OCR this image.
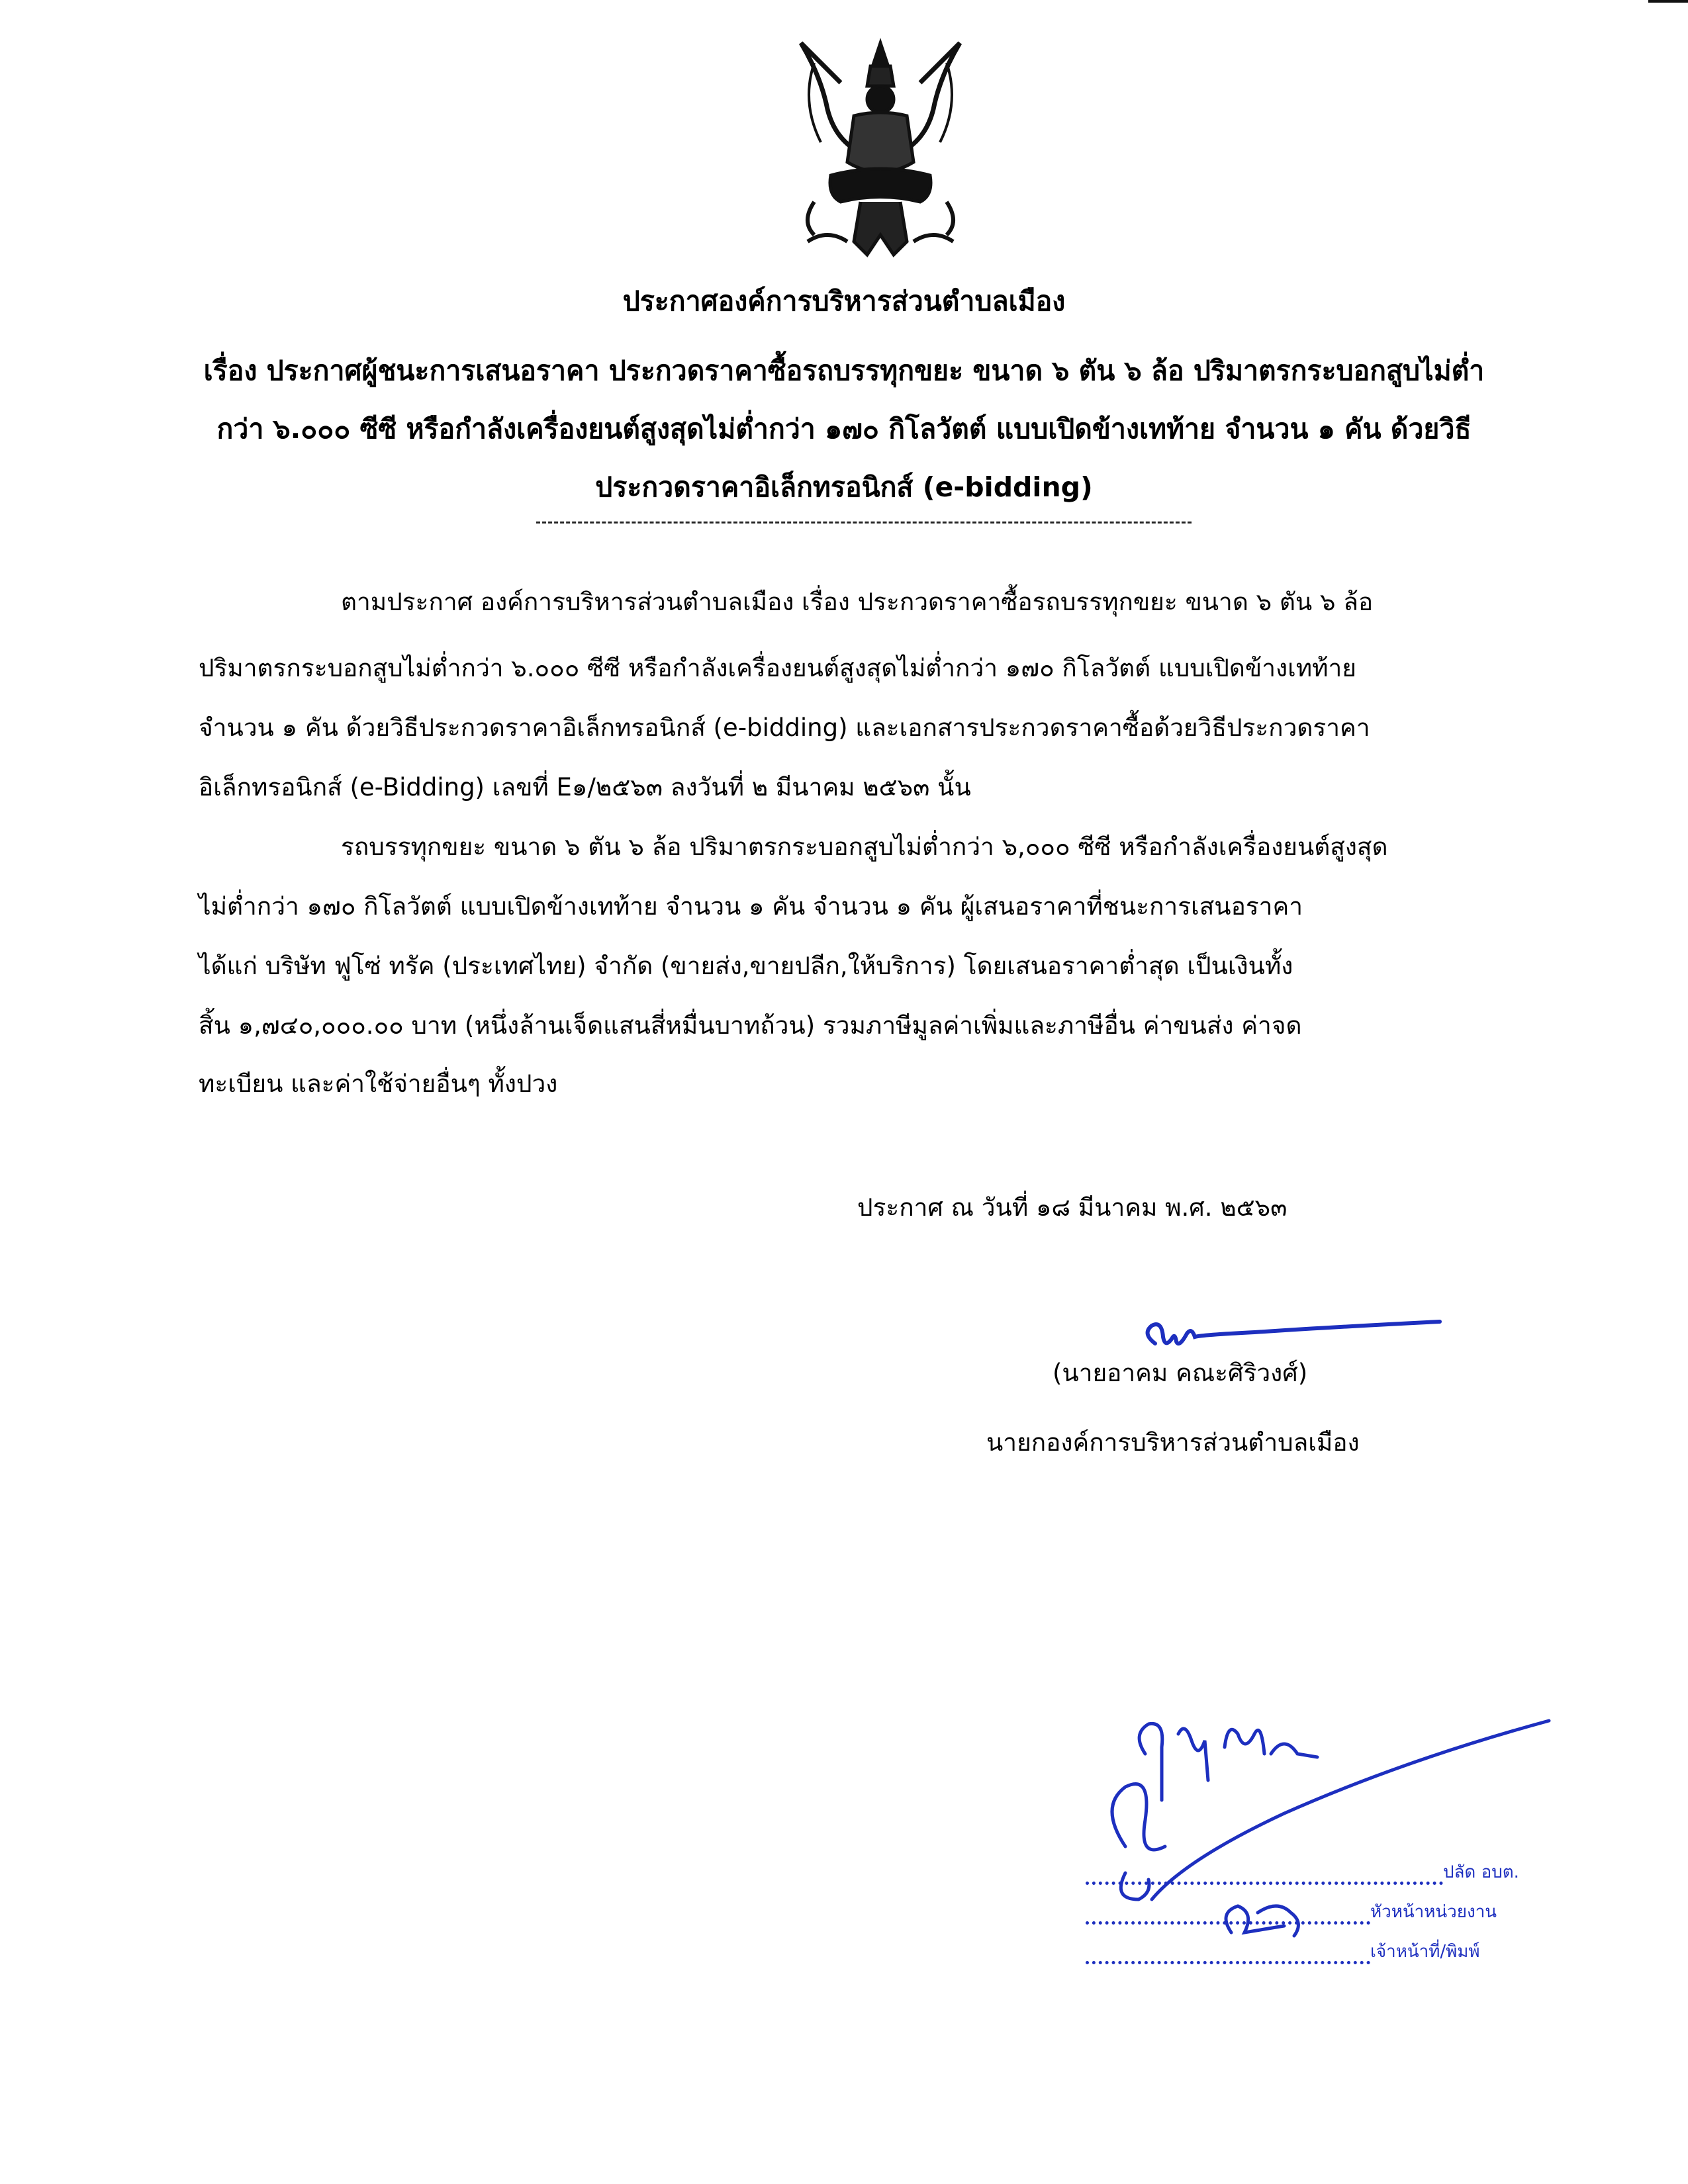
ประกาศองค์การบริหารส่วนตำบลเมือง
เรื่อง ประกาศผู้ชนะการเสนอราคา ประกวดราคาซื้อรถบรรทุกขยะ ขนาด ๖ ตัน ๖ ล้อ ปริมาตรกระบอกสูบไม่ต่ำ
กว่า ๖.๐๐๐ ซีซี หรือกำลังเครื่องยนต์สูงสุดไม่ต่ำกว่า ๑๗๐ กิโลวัตต์ แบบเปิดข้างเทท้าย จำนวน ๑ คัน ด้วยวิธี
ประกวดราคาอิเล็กทรอนิกส์ (e-bidding)
ตามประกาศ องค์การบริหารส่วนตำบลเมือง เรื่อง ประกวดราคาซื้อรถบรรทุกขยะ ขนาด ๖ ตัน ๖ ล้อ
ปริมาตรกระบอกสูบไม่ต่ำกว่า ๖.๐๐๐ ซีซี หรือกำลังเครื่องยนต์สูงสุดไม่ต่ำกว่า ๑๗๐ กิโลวัตต์ แบบเปิดข้างเทท้าย
จำนวน ๑ คัน ด้วยวิธีประกวดราคาอิเล็กทรอนิกส์ (e-bidding) และเอกสารประกวดราคาซื้อด้วยวิธีประกวดราคา
อิเล็กทรอนิกส์ (e-Bidding) เลขที่ E๑/๒๕๖๓ ลงวันที่ ๒ มีนาคม ๒๕๖๓ นั้น
รถบรรทุกขยะ ขนาด ๖ ตัน ๖ ล้อ ปริมาตรกระบอกสูบไม่ต่ำกว่า ๖,๐๐๐ ซีซี หรือกำลังเครื่องยนต์สูงสุด
ไม่ต่ำกว่า ๑๗๐ กิโลวัตต์ แบบเปิดข้างเทท้าย จำนวน ๑ คัน จำนวน ๑ คัน ผู้เสนอราคาที่ชนะการเสนอราคา
ได้แก่ บริษัท ฟูโซ่ ทรัค (ประเทศไทย) จำกัด (ขายส่ง,ขายปลีก,ให้บริการ) โดยเสนอราคาต่ำสุด เป็นเงินทั้ง
สิ้น ๑,๗๔๐,๐๐๐.๐๐ บาท (หนึ่งล้านเจ็ดแสนสี่หมื่นบาทถ้วน) รวมภาษีมูลค่าเพิ่มและภาษีอื่น ค่าขนส่ง ค่าจด
ทะเบียน และค่าใช้จ่ายอื่นๆ ทั้งปวง
ประกาศ ณ วันที่ ๑๘ มีนาคม พ.ศ. ๒๕๖๓
(นายอาคม คณะศิริวงศ์)
นายกองค์การบริหารส่วนตำบลเมือง
ปลัด อบต.
หัวหน้าหน่วยงาน
เจ้าหน้าที่/พิมพ์
